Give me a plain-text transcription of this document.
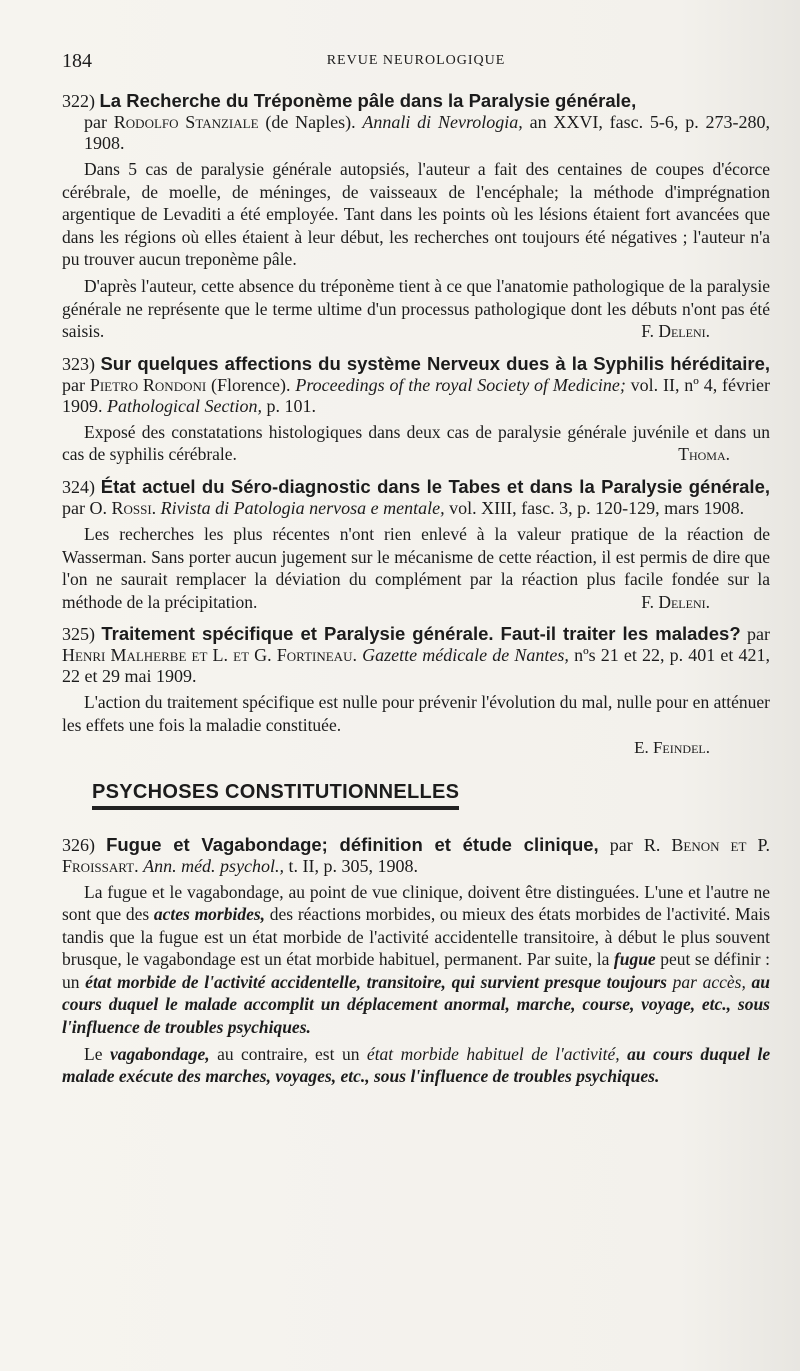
184	REVUE NEUROLOGIQUE

322) La Recherche du Tréponème pâle dans la Paralysie générale,
par Rodolfo Stanziale (de Naples). Annali di Nevrologia, an XXVI, fasc. 5-6, p. 273-280, 1908.

Dans 5 cas de paralysie générale autopsiés, l'auteur a fait des centaines de coupes d'écorce cérébrale, de moelle, de méninges, de vaisseaux de l'encéphale; la méthode d'imprégnation argentique de Levaditi a été employée. Tant dans les points où les lésions étaient fort avancées que dans les régions où elles étaient à leur début, les recherches ont toujours été négatives ; l'auteur n'a pu trouver aucun treponème pâle.

D'après l'auteur, cette absence du tréponème tient à ce que l'anatomie pathologique de la paralysie générale ne représente que le terme ultime d'un processus pathologique dont les débuts n'ont pas été saisis.	F. Deleni.

323) Sur quelques affections du système Nerveux dues à la Syphilis héréditaire, par Pietro Rondoni (Florence). Proceedings of the royal Society of Medicine; vol. II, nº 4, février 1909. Pathological Section, p. 101.

Exposé des constatations histologiques dans deux cas de paralysie générale juvénile et dans un cas de syphilis cérébrale.	Thoma.

324) État actuel du Séro-diagnostic dans le Tabes et dans la Paralysie générale, par O. Rossi. Rivista di Patologia nervosa e mentale, vol. XIII, fasc. 3, p. 120-129, mars 1908.

Les recherches les plus récentes n'ont rien enlevé à la valeur pratique de la réaction de Wasserman. Sans porter aucun jugement sur le mécanisme de cette réaction, il est permis de dire que l'on ne saurait remplacer la déviation du complément par la réaction plus facile fondée sur la méthode de la précipitation.	F. Deleni.

325) Traitement spécifique et Paralysie générale. Faut-il traiter les malades? par Henri Malherbe et L. et G. Fortineau. Gazette médicale de Nantes, nºs 21 et 22, p. 401 et 421, 22 et 29 mai 1909.

L'action du traitement spécifique est nulle pour prévenir l'évolution du mal, nulle pour en atténuer les effets une fois la maladie constituée.

E. Feindel.

PSYCHOSES CONSTITUTIONNELLES

326) Fugue et Vagabondage; définition et étude clinique, par R. Benon et P. Froissart. Ann. méd. psychol., t. II, p. 305, 1908.

La fugue et le vagabondage, au point de vue clinique, doivent être distinguées. L'une et l'autre ne sont que des actes morbides, des réactions morbides, ou mieux des états morbides de l'activité. Mais tandis que la fugue est un état morbide de l'activité accidentelle transitoire, à début le plus souvent brusque, le vagabondage est un état morbide habituel, permanent. Par suite, la fugue peut se définir : un état morbide de l'activité accidentelle, transitoire, qui survient presque toujours par accès, au cours duquel le malade accomplit un déplacement anormal, marche, course, voyage, etc., sous l'influence de troubles psychiques.

Le vagabondage, au contraire, est un état morbide habituel de l'activité, au cours duquel le malade exécute des marches, voyages, etc., sous l'influence de troubles psychiques.
